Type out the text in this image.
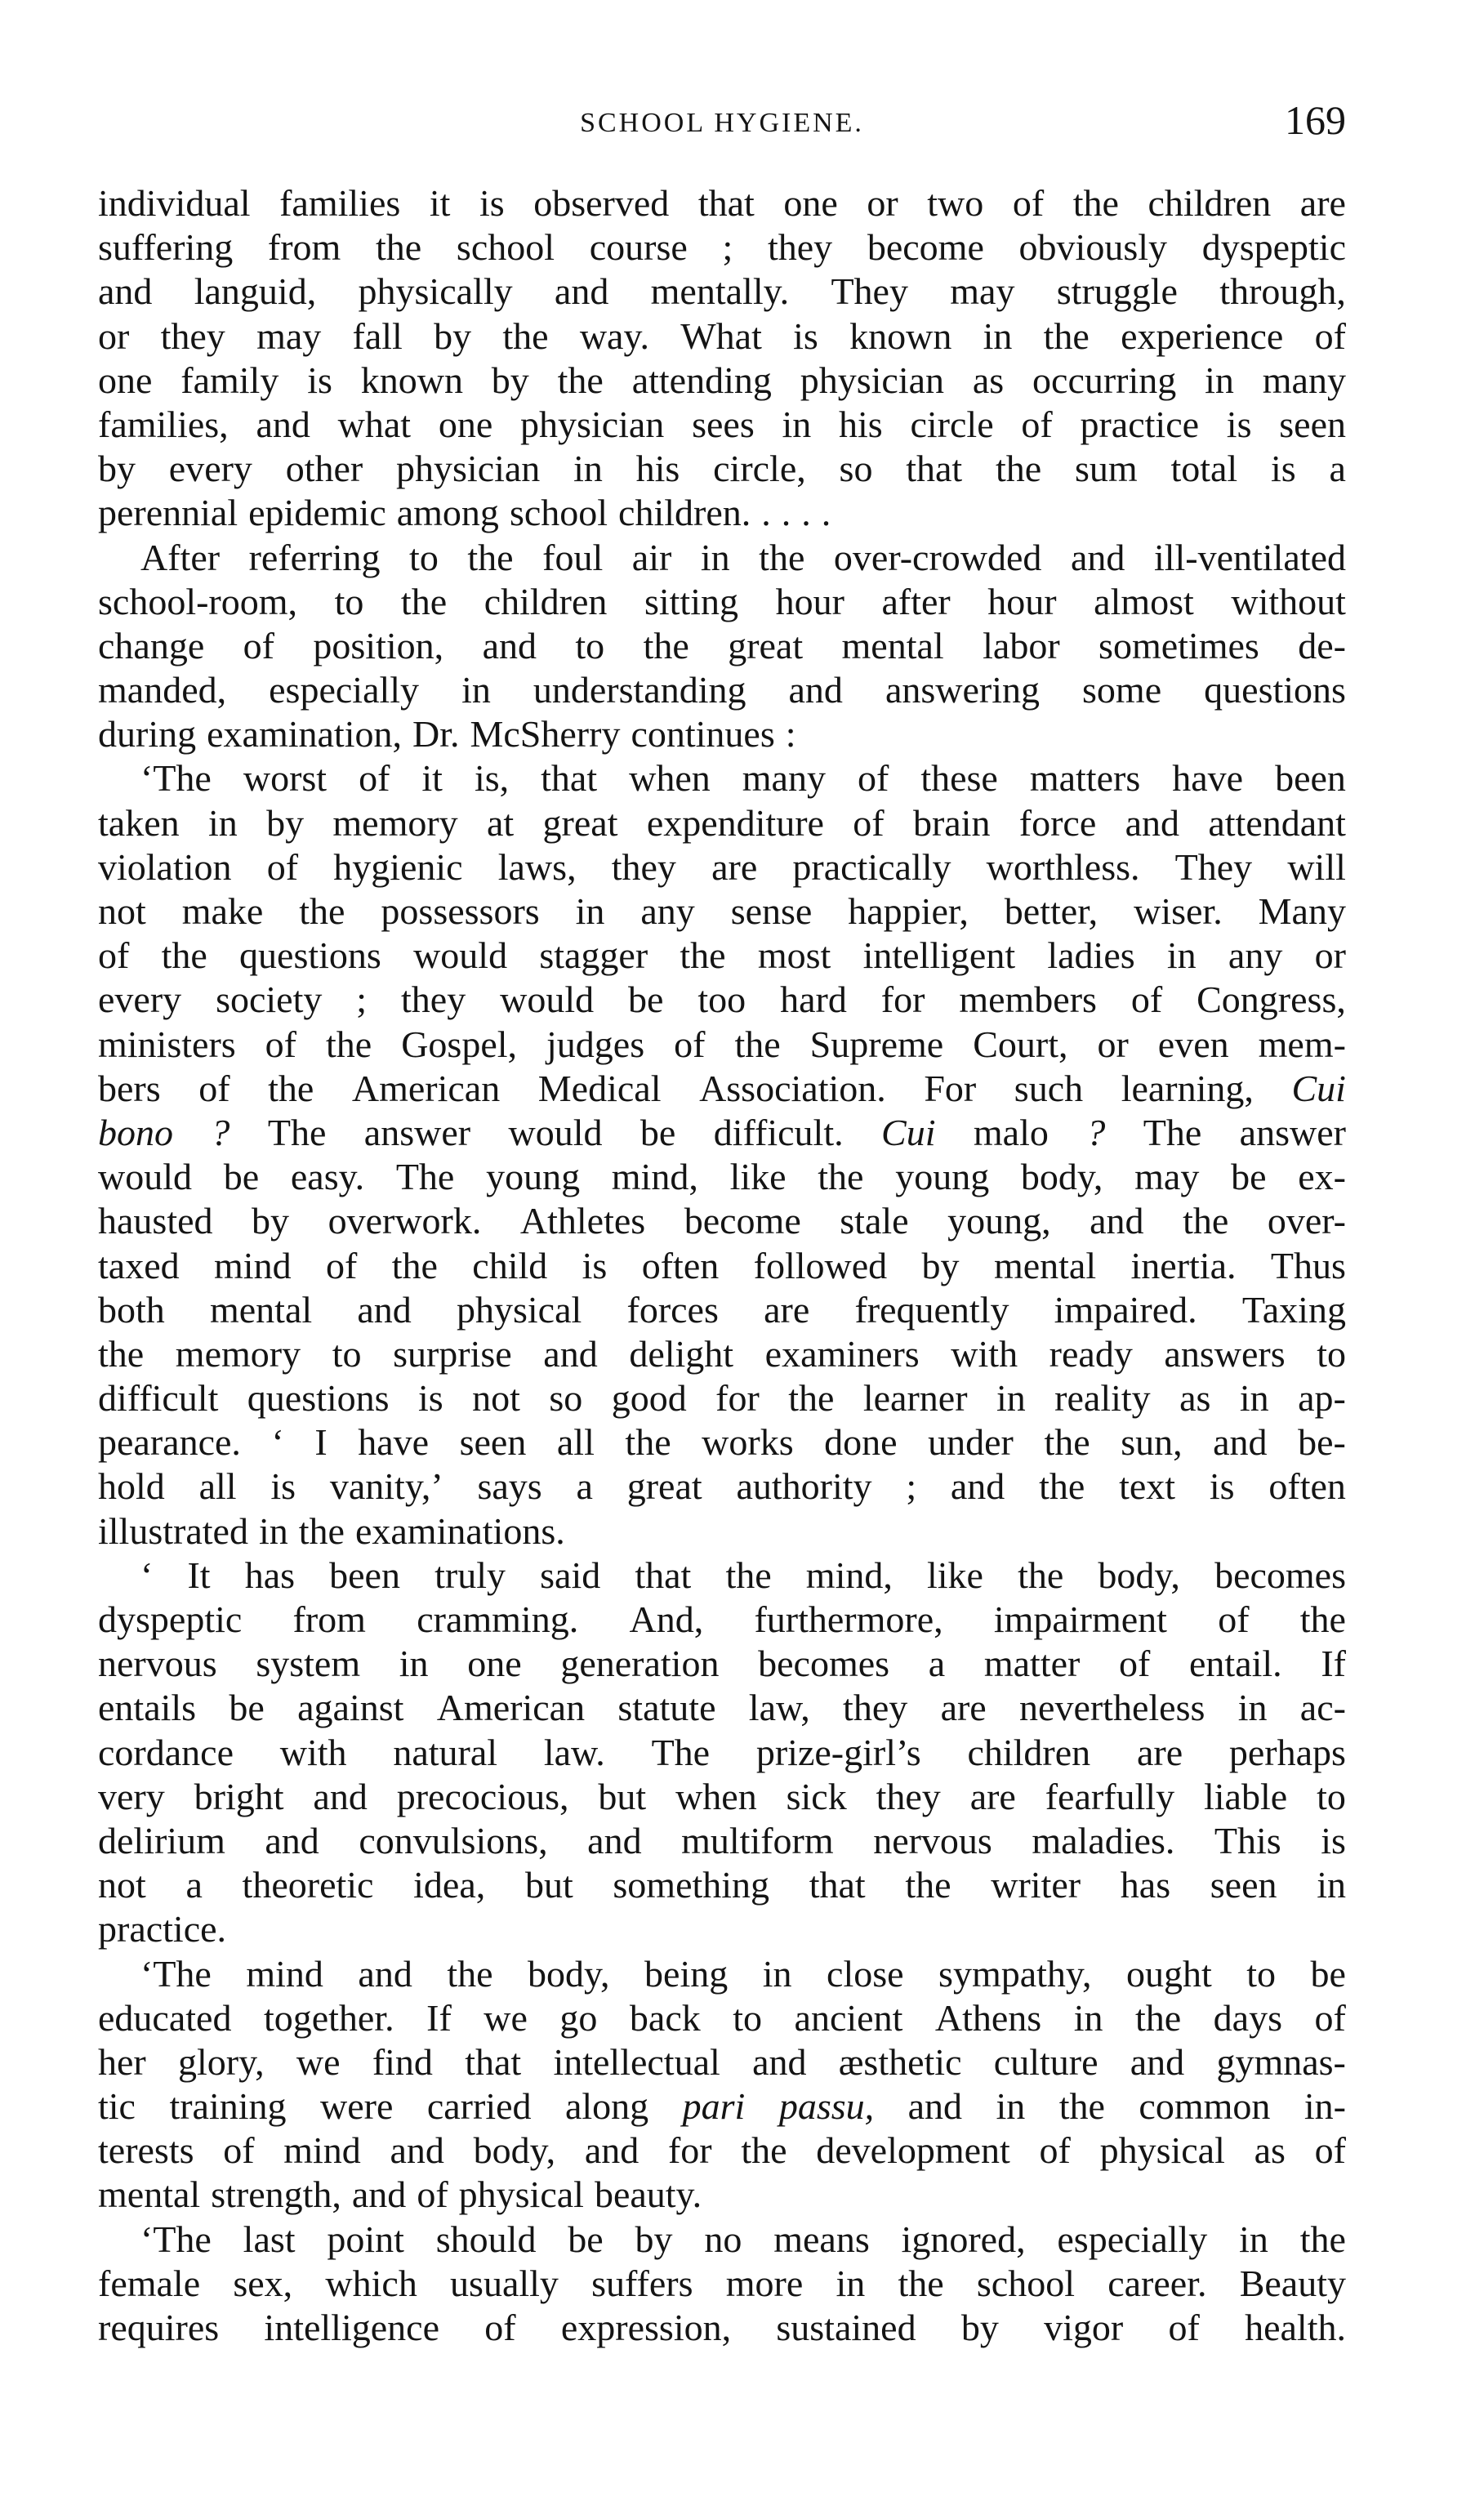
SCHOOL HYGIENE.	169
individual families it is observed that one or two of the children are
suffering from the school course ; they become obviously dyspeptic
and languid, physically and mentally. They may struggle through,
or they may fall by the way. What is known in the experience of
one family is known by the attending physician as occurring in many
families, and what one physician sees in his circle of practice is seen
by every other physician in his circle, so that the sum total is a
perennial epidemic among school children. . . . .
After referring to the foul air in the over-crowded and ill-ventilated
school-room, to the children sitting hour after hour almost without
change of position, and to the great mental labor sometimes de-
manded, especially in understanding and answering some questions
during examination, Dr. McSherry continues :
‘The worst of it is, that when many of these matters have been
taken in by memory at great expenditure of brain force and attendant
violation of hygienic laws, they are practically worthless. They will
not make the possessors in any sense happier, better, wiser. Many
of the questions would stagger the most intelligent ladies in any or
every society ; they would be too hard for members of Congress,
ministers of the Gospel, judges of the Supreme Court, or even mem-
bers of the American Medical Association. For such learning, Cui
bono ? The answer would be difficult. Cui malo ? The answer
would be easy. The young mind, like the young body, may be ex-
hausted by overwork. Athletes become stale young, and the over-
taxed mind of the child is often followed by mental inertia. Thus
both mental and physical forces are frequently impaired. Taxing
the memory to surprise and delight examiners with ready answers to
difficult questions is not so good for the learner in reality as in ap-
pearance. ‘ I have seen all the works done under the sun, and be-
hold all is vanity,’ says a great authority ; and the text is often
illustrated in the examinations.
‘ It has been truly said that the mind, like the body, becomes
dyspeptic from cramming. And, furthermore, impairment of the
nervous system in one generation becomes a matter of entail. If
entails be against American statute law, they are nevertheless in ac-
cordance with natural law. The prize-girl’s children are perhaps
very bright and precocious, but when sick they are fearfully liable to
delirium and convulsions, and multiform nervous maladies. This is
not a theoretic idea, but something that the writer has seen in
practice.
‘The mind and the body, being in close sympathy, ought to be
educated together. If we go back to ancient Athens in the days of
her glory, we find that intellectual and æsthetic culture and gymnas-
tic training were carried along pari passu, and in the common in-
terests of mind and body, and for the development of physical as of
mental strength, and of physical beauty.
‘The last point should be by no means ignored, especially in the
female sex, which usually suffers more in the school career. Beauty
requires intelligence of expression, sustained by vigor of health.
